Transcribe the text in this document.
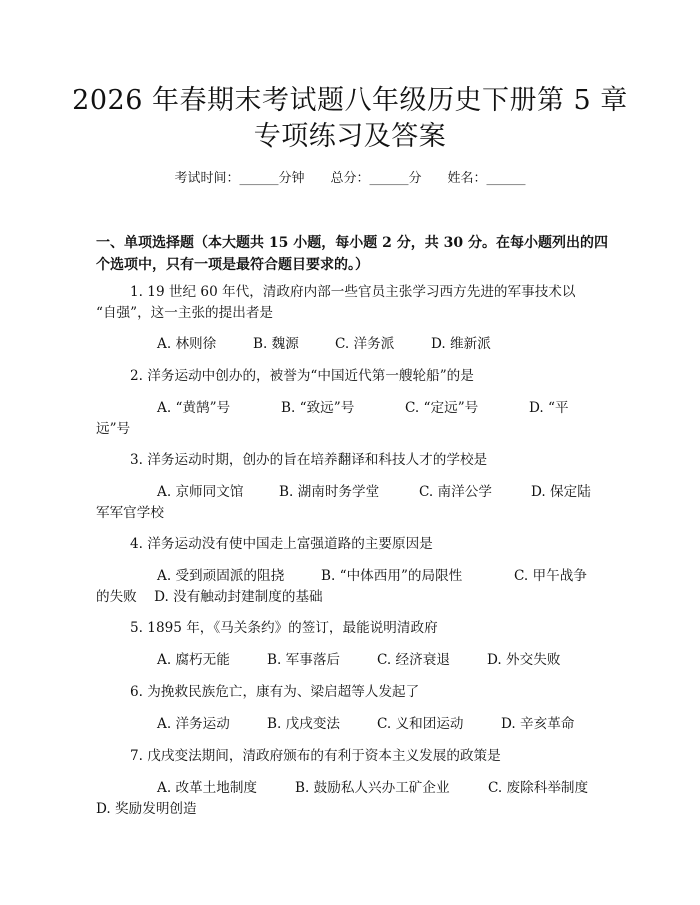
2026 年春期末考试题八年级历史下册第 5 章
专项练习及答案
考试时间：______分钟 总分：______分 姓名：______
一、单项选择题（本大题共 15 小题，每小题 2 分，共 30 分。在每小题列出的四
个选项中，只有一项是最符合题目要求的。）
1. 19 世纪 60 年代，清政府内部一些官员主张学习西方先进的军事技术以
“自强”，这一主张的提出者是
A. 林则徐	B. 魏源	C. 洋务派	D. 维新派
2. 洋务运动中创办的，被誉为“中国近代第一艘轮船”的是
A. “黄鹄”号	B. “致远”号	C. “定远”号	D. “平
远”号
3. 洋务运动时期，创办的旨在培养翻译和科技人才的学校是
A. 京师同文馆	B. 湖南时务学堂	C. 南洋公学	D. 保定陆
军军官学校
4. 洋务运动没有使中国走上富强道路的主要原因是
A. 受到顽固派的阻挠	B. “中体西用”的局限性	C. 甲午战争
的失败    D. 没有触动封建制度的基础
5. 1895 年，《马关条约》的签订，最能说明清政府
A. 腐朽无能	B. 军事落后	C. 经济衰退	D. 外交失败
6. 为挽救民族危亡，康有为、梁启超等人发起了
A. 洋务运动	B. 戊戌变法	C. 义和团运动	D. 辛亥革命
7. 戊戌变法期间，清政府颁布的有利于资本主义发展的政策是
A. 改革土地制度	B. 鼓励私人兴办工矿企业	C. 废除科举制度
D. 奖励发明创造
